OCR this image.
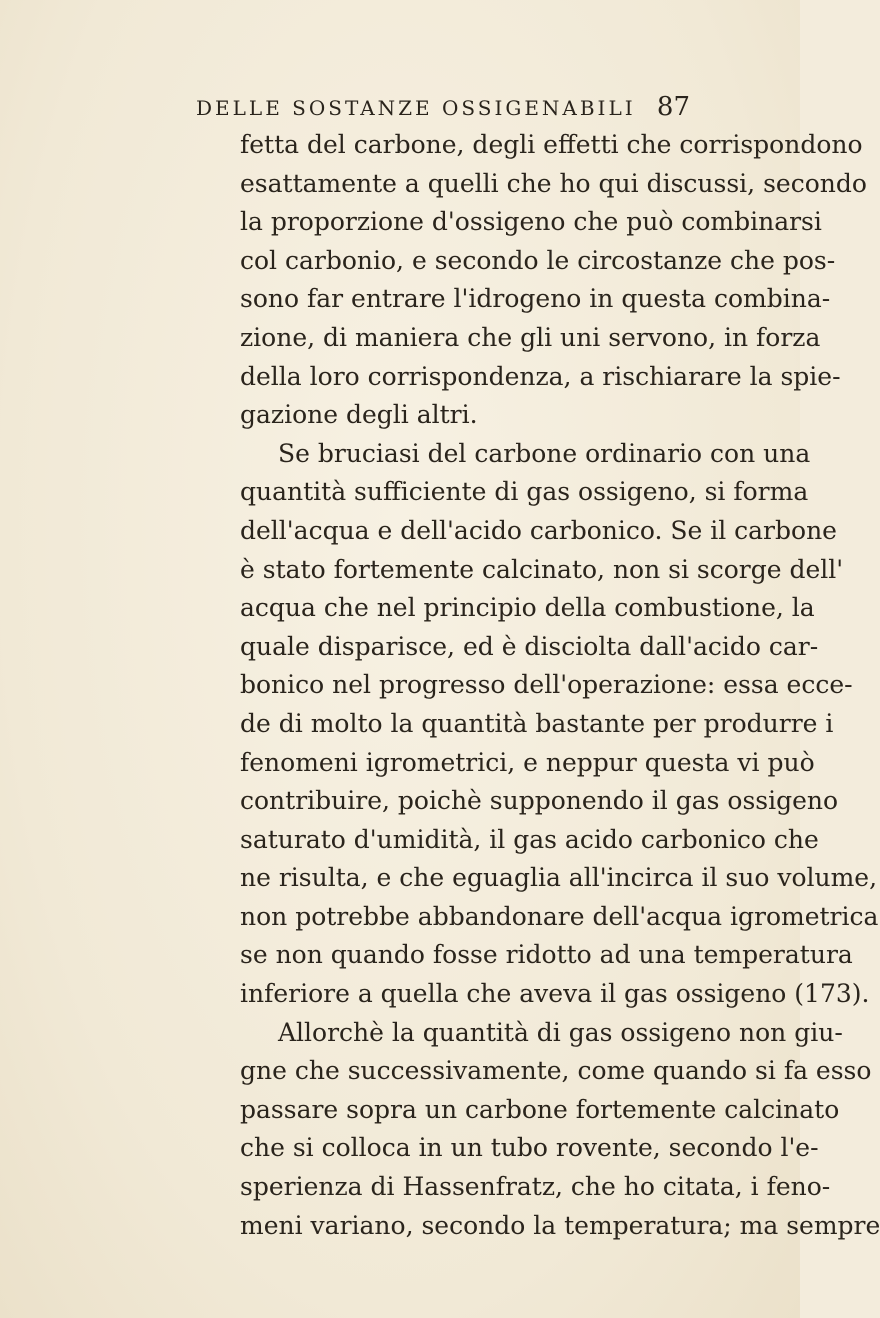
DELLE SOSTANZE OSSIGENABILI 87
fetta del carbone, degli effetti che corrispondono
esattamente a quelli che ho qui discussi, secondo
la proporzione d'ossigeno che può combinarsi
col carbonio, e secondo le circostanze che pos-
sono far entrare l'idrogeno in questa combina-
zione, di maniera che gli uni servono, in forza
della loro corrispondenza, a rischiarare la spie-
gazione degli altri.
Se bruciasi del carbone ordinario con una
quantità sufficiente di gas ossigeno, si forma
dell'acqua e dell'acido carbonico. Se il carbone
è stato fortemente calcinato, non si scorge dell'
acqua che nel principio della combustione, la
quale disparisce, ed è disciolta dall'acido car-
bonico nel progresso dell'operazione: essa ecce-
de di molto la quantità bastante per produrre i
fenomeni igrometrici, e neppur questa vi può
contribuire, poichè supponendo il gas ossigeno
saturato d'umidità, il gas acido carbonico che
ne risulta, e che eguaglia all'incirca il suo volume,
non potrebbe abbandonare dell'acqua igrometrica
se non quando fosse ridotto ad una temperatura
inferiore a quella che aveva il gas ossigeno (173).
Allorchè la quantità di gas ossigeno non giu-
gne che successivamente, come quando si fa esso
passare sopra un carbone fortemente calcinato
che si colloca in un tubo rovente, secondo l'e-
sperienza di Hassenfratz, che ho citata, i feno-
meni variano, secondo la temperatura; ma sempre
